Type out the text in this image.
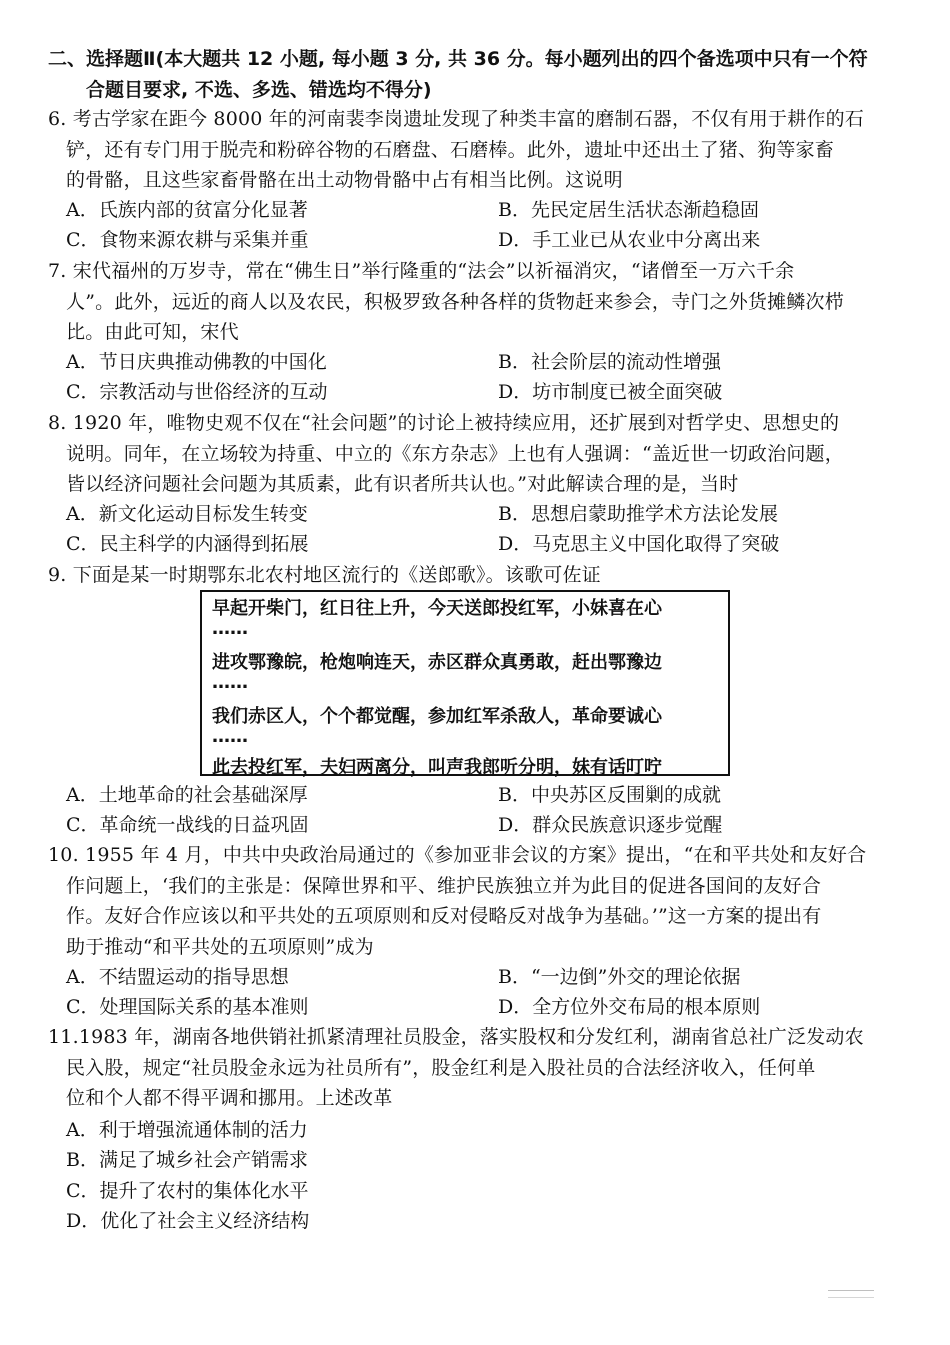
二、选择题Ⅱ(本大题共 12 小题, 每小题 3 分, 共 36 分。每小题列出的四个备选项中只有一个符
合题目要求, 不选、多选、错选均不得分)
6. 考古学家在距今 8000 年的河南裴李岗遗址发现了种类丰富的磨制石器，不仅有用于耕作的石
铲，还有专门用于脱壳和粉碎谷物的石磨盘、石磨棒。此外，遗址中还出土了猪、狗等家畜
的骨骼，且这些家畜骨骼在出土动物骨骼中占有相当比例。这说明
A．氏族内部的贫富分化显著	B．先民定居生活状态渐趋稳固
C．食物来源农耕与采集并重	D．手工业已从农业中分离出来
7. 宋代福州的万岁寺，常在“佛生日”举行隆重的“法会”以祈福消灾，“诸僧至一万六千余
人”。此外，远近的商人以及农民，积极罗致各种各样的货物赶来参会，寺门之外货摊鳞次栉
比。由此可知，宋代
A．节日庆典推动佛教的中国化	B．社会阶层的流动性增强
C．宗教活动与世俗经济的互动	D．坊市制度已被全面突破
8. 1920 年，唯物史观不仅在“社会问题”的讨论上被持续应用，还扩展到对哲学史、思想史的
说明。同年，在立场较为持重、中立的《东方杂志》上也有人强调：“盖近世一切政治问题，
皆以经济问题社会问题为其质素，此有识者所共认也。”对此解读合理的是，当时
A．新文化运动目标发生转变	B．思想启蒙助推学术方法论发展
C．民主科学的内涵得到拓展	D．马克思主义中国化取得了突破
9. 下面是某一时期鄂东北农村地区流行的《送郎歌》。该歌可佐证
早起开柴门，红日往上升，今天送郎投红军，小妹喜在心
……
进攻鄂豫皖，枪炮响连天，赤区群众真勇敢，赶出鄂豫边
……
我们赤区人，个个都觉醒，参加红军杀敌人，革命要诚心
……
此去投红军，夫妇两离分，叫声我郎听分明，妹有话叮咛
A．土地革命的社会基础深厚	B．中央苏区反围剿的成就
C．革命统一战线的日益巩固	D．群众民族意识逐步觉醒
10. 1955 年 4 月，中共中央政治局通过的《参加亚非会议的方案》提出，“在和平共处和友好合
作问题上，‘我们的主张是：保障世界和平、维护民族独立并为此目的促进各国间的友好合
作。友好合作应该以和平共处的五项原则和反对侵略反对战争为基础。’”这一方案的提出有
助于推动“和平共处的五项原则”成为
A．不结盟运动的指导思想	B．“一边倒”外交的理论依据
C．处理国际关系的基本准则	D．全方位外交布局的根本原则
11.1983 年，湖南各地供销社抓紧清理社员股金，落实股权和分发红利，湖南省总社广泛发动农
民入股，规定“社员股金永远为社员所有”，股金红利是入股社员的合法经济收入，任何单
位和个人都不得平调和挪用。上述改革
A．利于增强流通体制的活力
B．满足了城乡社会产销需求
C．提升了农村的集体化水平
D．优化了社会主义经济结构
